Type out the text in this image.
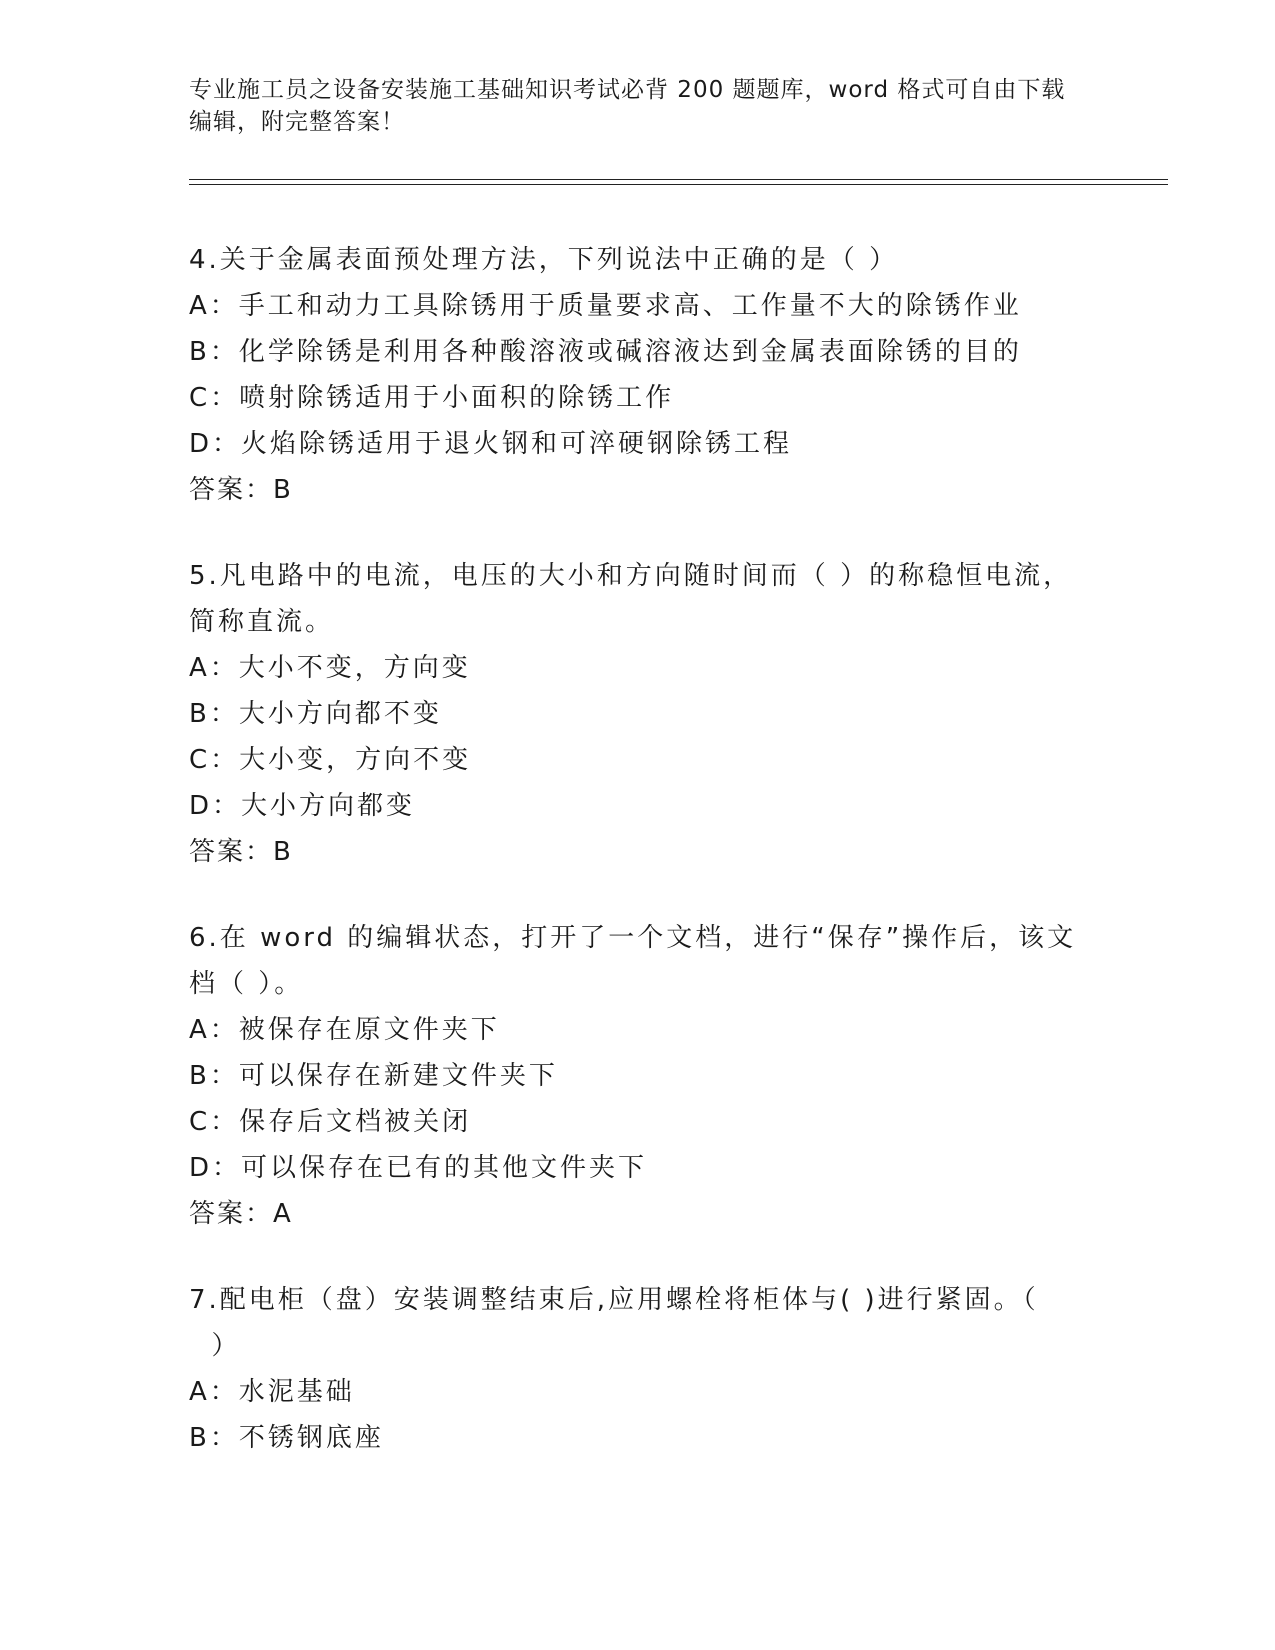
专业施工员之设备安装施工基础知识考试必背 200 题题库，word 格式可自由下载
编辑，附完整答案！
4.关于金属表面预处理方法，下列说法中正确的是（ ）
A：手工和动力工具除锈用于质量要求高、工作量不大的除锈作业
B：化学除锈是利用各种酸溶液或碱溶液达到金属表面除锈的目的
C：喷射除锈适用于小面积的除锈工作
D：火焰除锈适用于退火钢和可淬硬钢除锈工程
答案：B
5.凡电路中的电流，电压的大小和方向随时间而（ ）的称稳恒电流，
简称直流。
A：大小不变，方向变
B：大小方向都不变
C：大小变，方向不变
D：大小方向都变
答案：B
6.在 word 的编辑状态，打开了一个文档，进行“保存”操作后，该文
档（ ）。
A：被保存在原文件夹下
B：可以保存在新建文件夹下
C：保存后文档被关闭
D：可以保存在已有的其他文件夹下
答案：A
7.配电柜（盘）安装调整结束后,应用螺栓将柜体与( )进行紧固。（
）
A：水泥基础
B：不锈钢底座
